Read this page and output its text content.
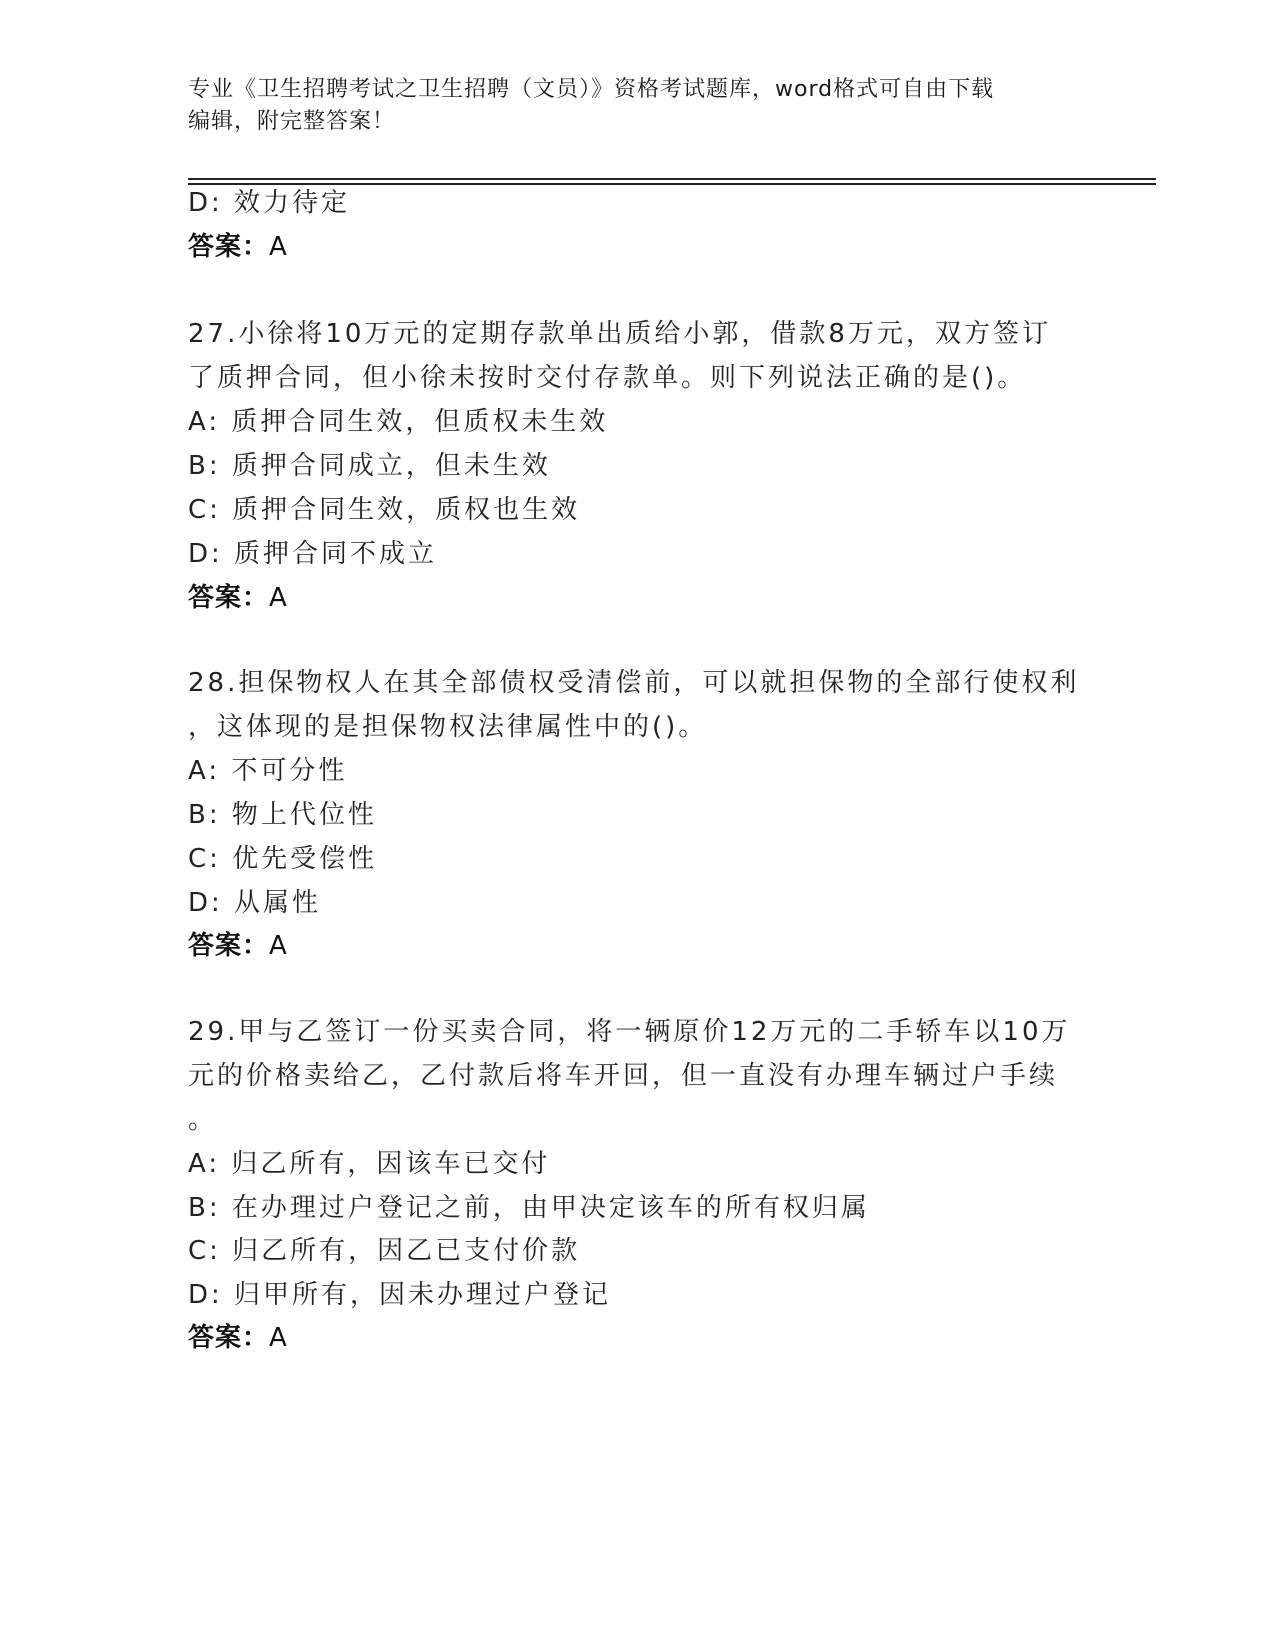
专业《卫生招聘考试之卫生招聘（文员）》资格考试题库，word格式可自由下载
编辑，附完整答案！
D: 效力待定
答案：A
27.小徐将10万元的定期存款单出质给小郭，借款8万元，双方签订
了质押合同，但小徐未按时交付存款单。则下列说法正确的是()。
A: 质押合同生效，但质权未生效
B: 质押合同成立，但未生效
C: 质押合同生效，质权也生效
D: 质押合同不成立
答案：A
28.担保物权人在其全部债权受清偿前，可以就担保物的全部行使权利
，这体现的是担保物权法律属性中的()。
A: 不可分性
B: 物上代位性
C: 优先受偿性
D: 从属性
答案：A
29.甲与乙签订一份买卖合同，将一辆原价12万元的二手轿车以10万
元的价格卖给乙，乙付款后将车开回，但一直没有办理车辆过户手续
。
A: 归乙所有，因该车已交付
B: 在办理过户登记之前，由甲决定该车的所有权归属
C: 归乙所有，因乙已支付价款
D: 归甲所有，因未办理过户登记
答案：A
